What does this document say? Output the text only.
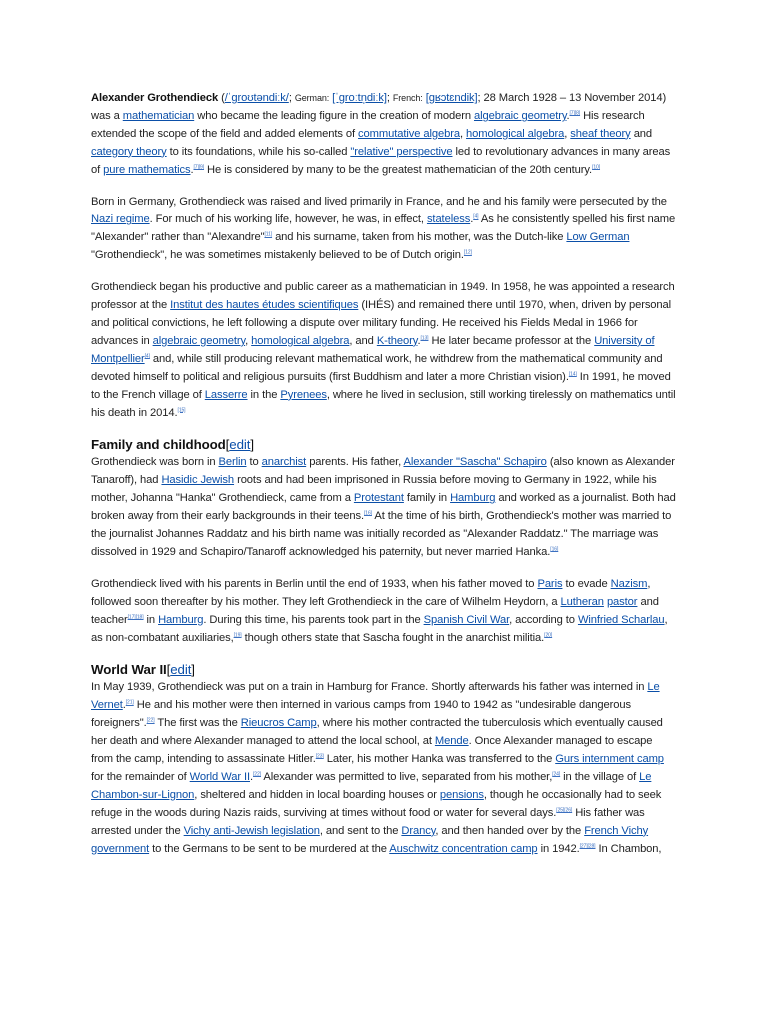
Alexander Grothendieck (/ˈɡroʊtəndiːk/; German: [ˈɡroːtn̩diːk]; French: [ɡʁɔtɛndik]; 28 March 1928 – 13 November 2014) was a mathematician who became the leading figure in the creation of modern algebraic geometry.[7][8] His research extended the scope of the field and added elements of commutative algebra, homological algebra, sheaf theory and category theory to its foundations, while his so-called "relative" perspective led to revolutionary advances in many areas of pure mathematics.[7][9] He is considered by many to be the greatest mathematician of the 20th century.[10]

Born in Germany, Grothendieck was raised and lived primarily in France, and he and his family were persecuted by the Nazi regime. For much of his working life, however, he was, in effect, stateless.[4] As he consistently spelled his first name "Alexander" rather than "Alexandre"[11] and his surname, taken from his mother, was the Dutch-like Low German "Grothendieck", he was sometimes mistakenly believed to be of Dutch origin.[12]

Grothendieck began his productive and public career as a mathematician in 1949. In 1958, he was appointed a research professor at the Institut des hautes études scientifiques (IHÉS) and remained there until 1970, when, driven by personal and political convictions, he left following a dispute over military funding. He received his Fields Medal in 1966 for advances in algebraic geometry, homological algebra, and K-theory.[13] He later became professor at the University of Montpellier[4] and, while still producing relevant mathematical work, he withdrew from the mathematical community and devoted himself to political and religious pursuits (first Buddhism and later a more Christian vision).[14] In 1991, he moved to the French village of Lasserre in the Pyrenees, where he lived in seclusion, still working tirelessly on mathematics until his death in 2014.[15]

Family and childhood[edit]

Grothendieck was born in Berlin to anarchist parents. His father, Alexander "Sascha" Schapiro (also known as Alexander Tanaroff), had Hasidic Jewish roots and had been imprisoned in Russia before moving to Germany in 1922, while his mother, Johanna "Hanka" Grothendieck, came from a Protestant family in Hamburg and worked as a journalist. Both had broken away from their early backgrounds in their teens.[16] At the time of his birth, Grothendieck's mother was married to the journalist Johannes Raddatz and his birth name was initially recorded as "Alexander Raddatz." The marriage was dissolved in 1929 and Schapiro/Tanaroff acknowledged his paternity, but never married Hanka.[16]

Grothendieck lived with his parents in Berlin until the end of 1933, when his father moved to Paris to evade Nazism, followed soon thereafter by his mother. They left Grothendieck in the care of Wilhelm Heydorn, a Lutheran pastor and teacher[17][18] in Hamburg. During this time, his parents took part in the Spanish Civil War, according to Winfried Scharlau, as non-combatant auxiliaries,[19] though others state that Sascha fought in the anarchist militia.[20]

World War II[edit]

In May 1939, Grothendieck was put on a train in Hamburg for France. Shortly afterwards his father was interned in Le Vernet.[21] He and his mother were then interned in various camps from 1940 to 1942 as "undesirable dangerous foreigners".[22] The first was the Rieucros Camp, where his mother contracted the tuberculosis which eventually caused her death and where Alexander managed to attend the local school, at Mende. Once Alexander managed to escape from the camp, intending to assassinate Hitler.[23] Later, his mother Hanka was transferred to the Gurs internment camp for the remainder of World War II.[22] Alexander was permitted to live, separated from his mother,[24] in the village of Le Chambon-sur-Lignon, sheltered and hidden in local boarding houses or pensions, though he occasionally had to seek refuge in the woods during Nazis raids, surviving at times without food or water for several days.[25][26] His father was arrested under the Vichy anti-Jewish legislation, and sent to the Drancy, and then handed over by the French Vichy government to the Germans to be sent to be murdered at the Auschwitz concentration camp in 1942.[27][28] In Chambon,
